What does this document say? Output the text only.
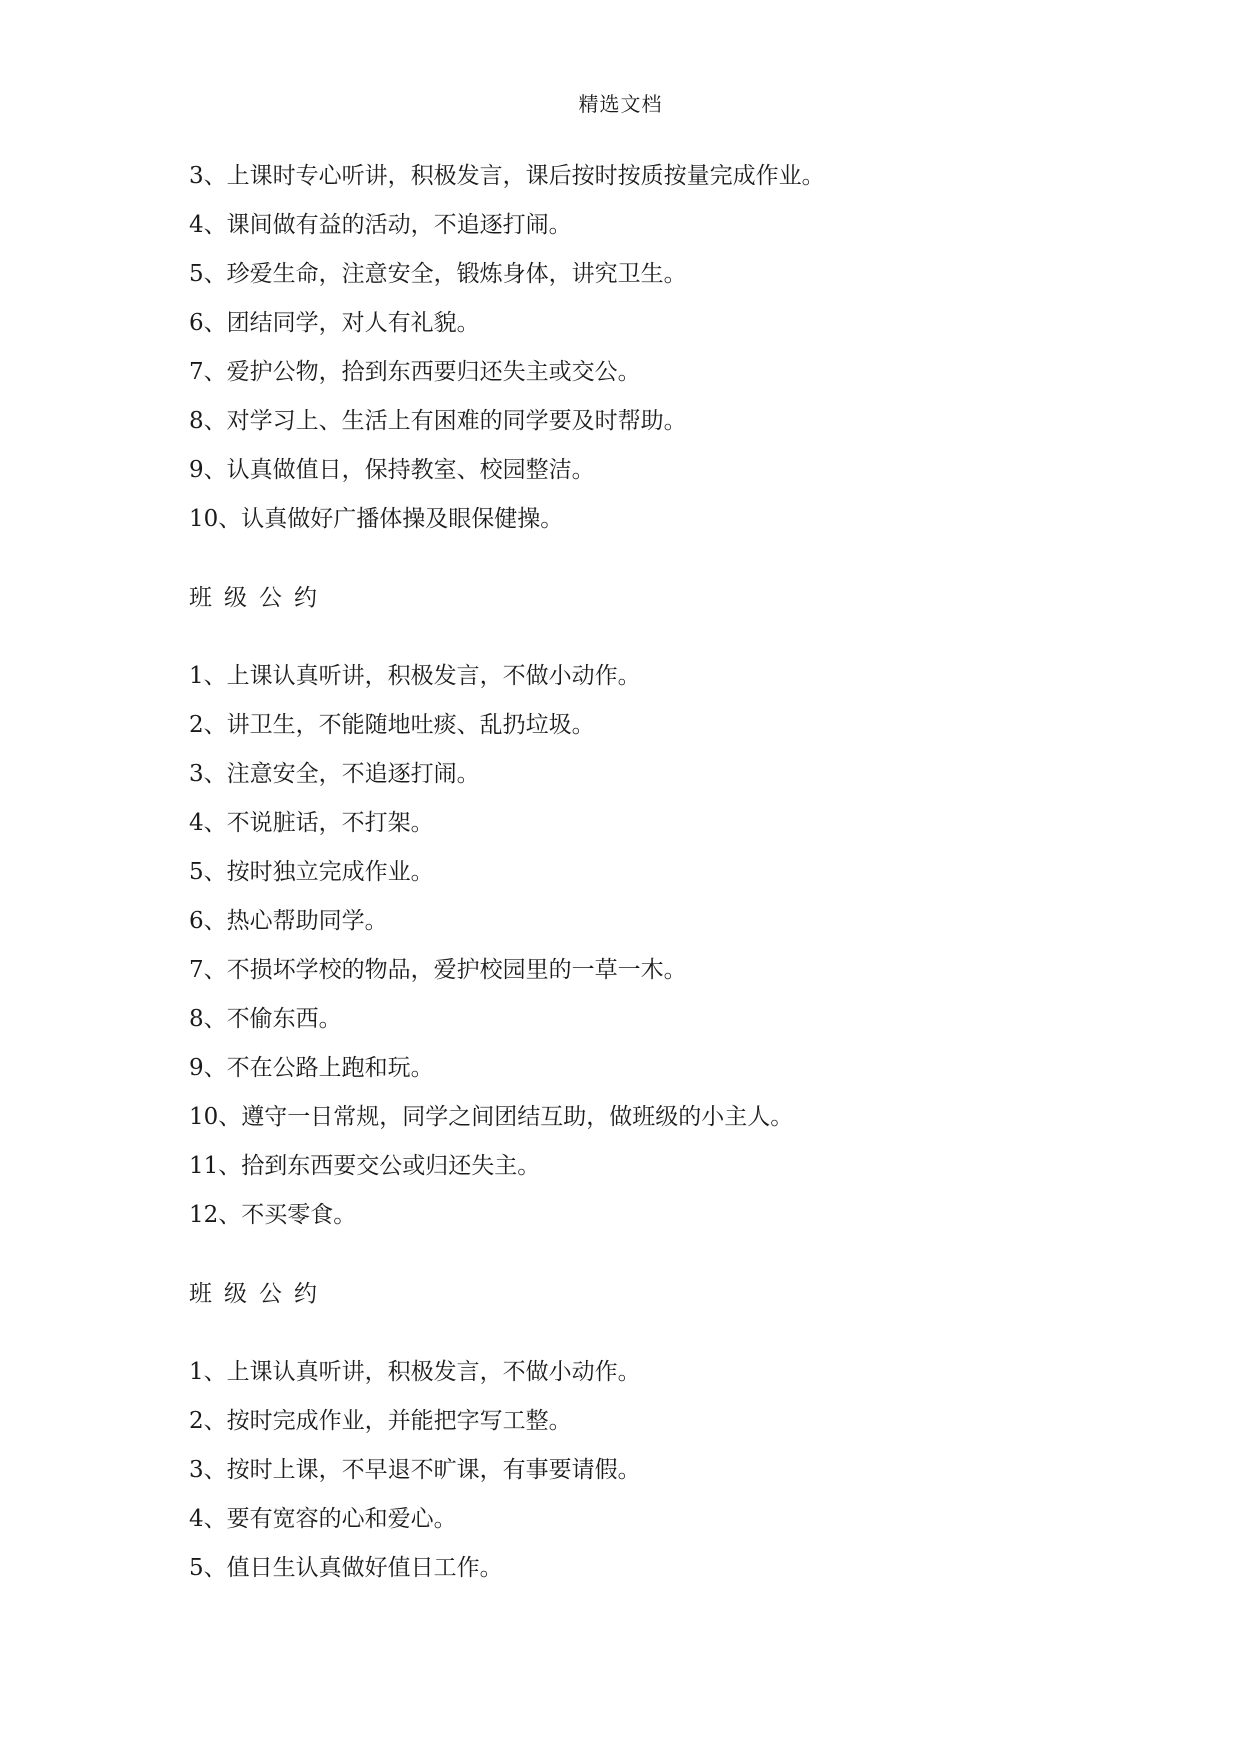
精选文档
3、上课时专心听讲，积极发言，课后按时按质按量完成作业。
4、课间做有益的活动，不追逐打闹。
5、珍爱生命，注意安全，锻炼身体，讲究卫生。
6、团结同学，对人有礼貌。
7、爱护公物，拾到东西要归还失主或交公。
8、对学习上、生活上有困难的同学要及时帮助。
9、认真做值日，保持教室、校园整洁。
10、认真做好广播体操及眼保健操。
班级公约
1、上课认真听讲，积极发言，不做小动作。
2、讲卫生，不能随地吐痰、乱扔垃圾。
3、注意安全，不追逐打闹。
4、不说脏话，不打架。
5、按时独立完成作业。
6、热心帮助同学。
7、不损坏学校的物品，爱护校园里的一草一木。
8、不偷东西。
9、不在公路上跑和玩。
10、遵守一日常规，同学之间团结互助，做班级的小主人。
11、拾到东西要交公或归还失主。
12、不买零食。
班级公约
1、上课认真听讲，积极发言，不做小动作。
2、按时完成作业，并能把字写工整。
3、按时上课，不早退不旷课，有事要请假。
4、要有宽容的心和爱心。
5、值日生认真做好值日工作。
